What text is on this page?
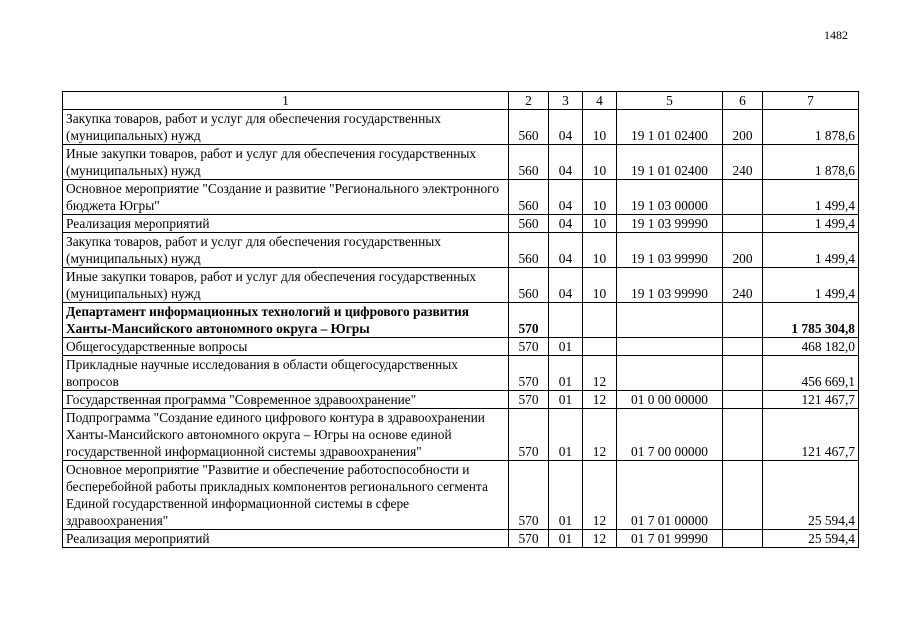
1482
1	2	3	4	5	6	7
Закупка товаров, работ и услуг для обеспечения государственных (муниципальных) нужд	560	04	10	19 1 01 02400	200	1 878,6
Иные закупки товаров, работ и услуг для обеспечения государственных (муниципальных) нужд	560	04	10	19 1 01 02400	240	1 878,6
Основное мероприятие "Создание и развитие "Регионального электронного бюджета Югры"	560	04	10	19 1 03 00000		1 499,4
Реализация мероприятий	560	04	10	19 1 03 99990		1 499,4
Закупка товаров, работ и услуг для обеспечения государственных (муниципальных) нужд	560	04	10	19 1 03 99990	200	1 499,4
Иные закупки товаров, работ и услуг для обеспечения государственных (муниципальных) нужд	560	04	10	19 1 03 99990	240	1 499,4
Департамент информационных технологий и цифрового развития Ханты-Мансийского автономного округа – Югры	570					1 785 304,8
Общегосударственные вопросы	570	01				468 182,0
Прикладные научные исследования в области общегосударственных вопросов	570	01	12			456 669,1
Государственная программа "Современное здравоохранение"	570	01	12	01 0 00 00000		121 467,7
Подпрограмма "Создание единого цифрового контура в здравоохранении Ханты-Мансийского автономного округа – Югры на основе единой государственной информационной системы здравоохранения"	570	01	12	01 7 00 00000		121 467,7
Основное мероприятие "Развитие и обеспечение работоспособности и бесперебойной работы прикладных компонентов регионального сегмента Единой государственной информационной системы в сфере здравоохранения"	570	01	12	01 7 01 00000		25 594,4
Реализация мероприятий	570	01	12	01 7 01 99990		25 594,4
